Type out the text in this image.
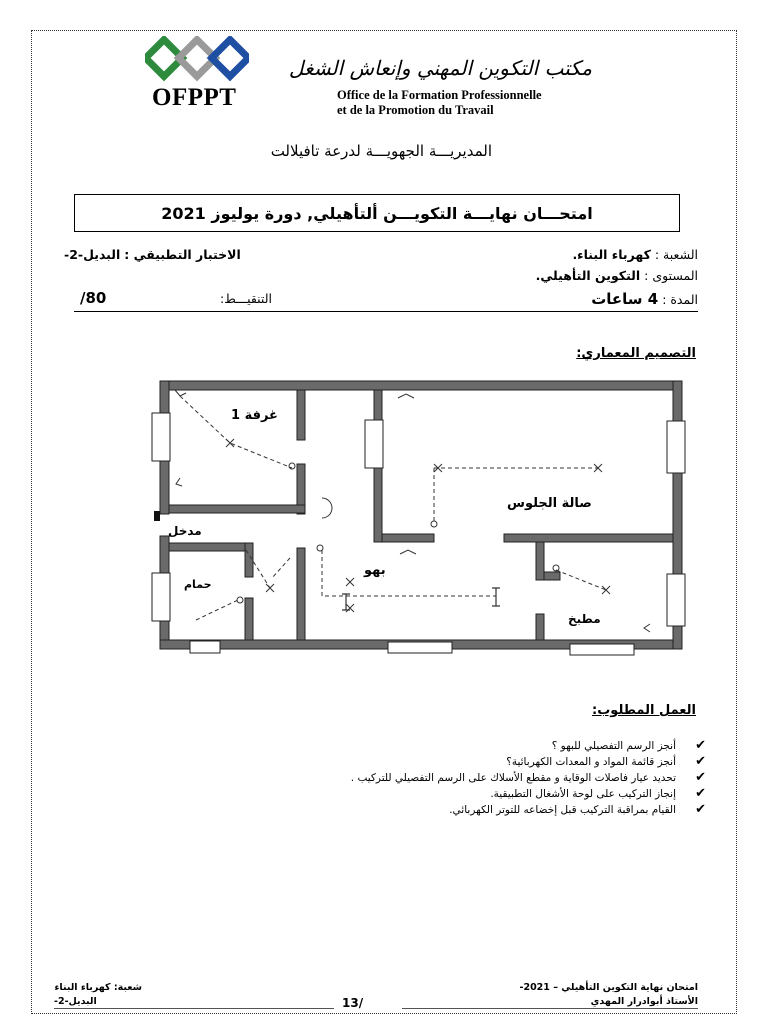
OFPPT
مكتب التكوين المهني وإنعاش الشغل
Office de la Formation Professionnelle
et de la Promotion du Travail
المديريـــة الجهويـــة لدرعة تافيلالت
امتحـــان نهايـــة التكويـــن ألتأهيلي, دورة يوليوز 2021
الشعبة : كهرباء البناء.
الاختبار التطبيقي : البديل-2-
المستوى : التكوين التأهيلي.
المدة : 4 ساعات
التنقيـــط:
/80
التصميم المعماري:
غرفة 1
صالة الجلوس
مدخل
بهو
حمام
مطبخ
العمل المطلوب:
✔
أنجز الرسم التفصيلي للبهو ؟
✔
أنجز قائمة المواد و المعدات الكهربائية؟
✔
تحديد عيار فاصلات الوقاية و مقطع الأسلاك على الرسم التفصيلي للتركيب .
✔
إنجاز التركيب على لوحة الأشغال التطبيقية.
✔
القيام بمراقبة التركيب قبل إخضاعه للتوتر الكهربائي.
امتحان نهاية التكوين التأهيلي – 2021-
الأستاذ أبوادرار المهدي
13/
شعبة: كهرباء البناء
-البديل-2
